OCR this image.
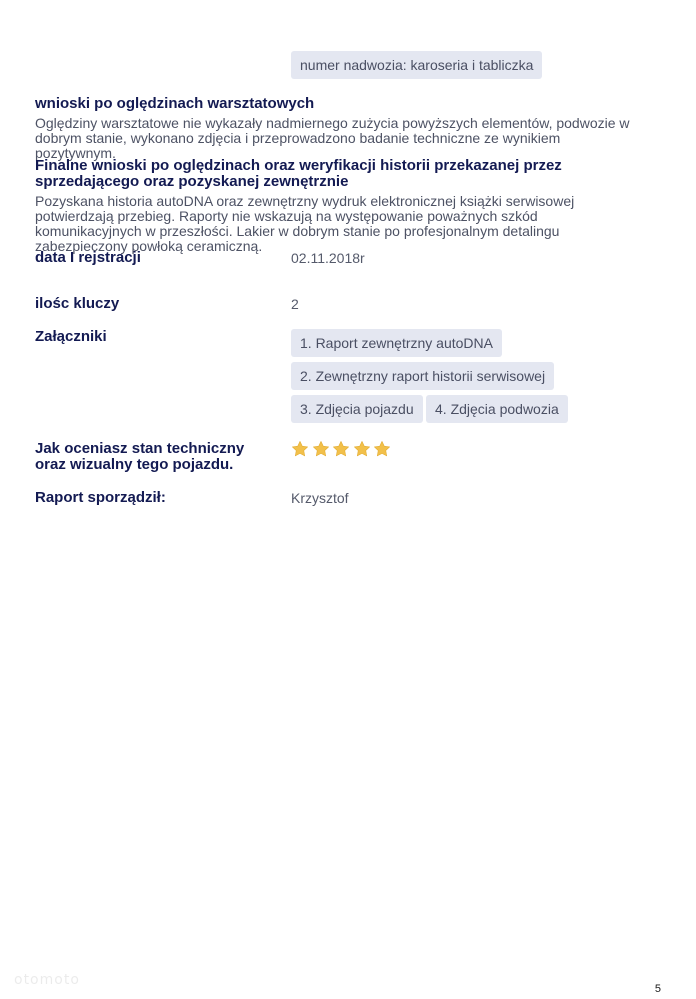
numer nadwozia: karoseria i tabliczka
wnioski po oględzinach warsztatowych
Oględziny warsztatowe nie wykazały nadmiernego zużycia powyższych elementów, podwozie w dobrym stanie, wykonano zdjęcia i przeprowadzono badanie techniczne ze wynikiem pozytywnym.
Finalne wnioski po oględzinach oraz weryfikacji historii przekazanej przez sprzedającego oraz pozyskanej zewnętrznie
Pozyskana historia autoDNA oraz zewnętrzny wydruk elektronicznej książki serwisowej potwierdzają przebieg. Raporty nie wskazują na występowanie poważnych szkód komunikacyjnych w przeszłości. Lakier w dobrym stanie po profesjonalnym detalingu zabezpieczony powłoką ceramiczną.
data I rejstracji	02.11.2018r
ilośc kluczy	2
Załączniki	1. Raport zewnętrzny autoDNA
2. Zewnętrzny raport historii serwisowej
3. Zdjęcia pojazdu	4. Zdjęcia podwozia
Jak oceniasz stan techniczny oraz wizualny tego pojazdu.
Raport sporządził:	Krzysztof
otomoto
5
